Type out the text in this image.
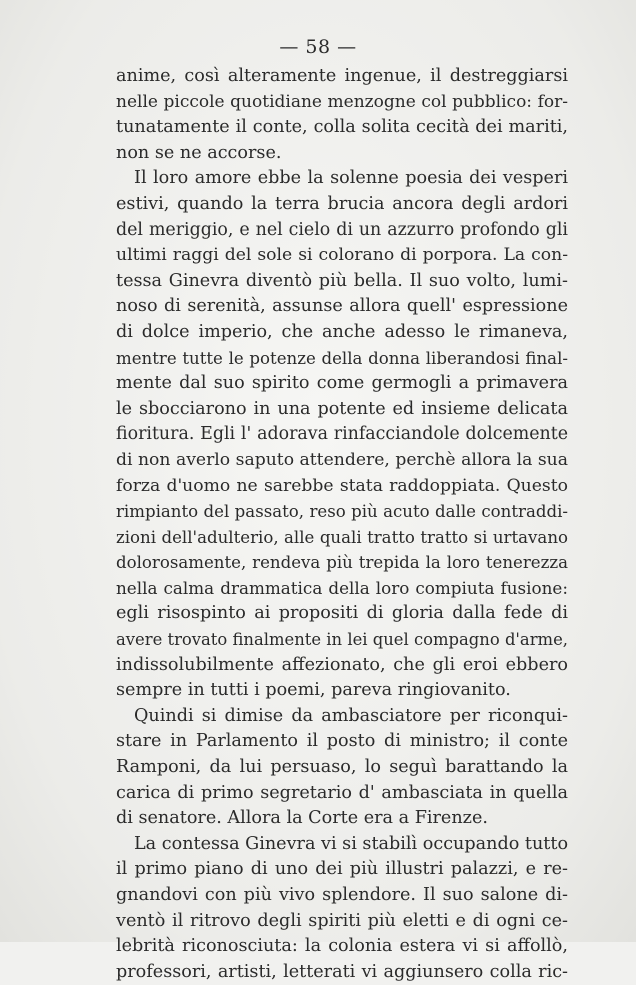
— 58 —
anime, così alteramente ingenue, il destreggiarsi
nelle piccole quotidiane menzogne col pubblico: for-
tunatamente il conte, colla solita cecità dei mariti,
non se ne accorse.
Il loro amore ebbe la solenne poesia dei vesperi
estivi, quando la terra brucia ancora degli ardori
del meriggio, e nel cielo di un azzurro profondo gli
ultimi raggi del sole si colorano di porpora. La con-
tessa Ginevra diventò più bella. Il suo volto, lumi-
noso di serenità, assunse allora quell' espressione
di dolce imperio, che anche adesso le rimaneva,
mentre tutte le potenze della donna liberandosi final-
mente dal suo spirito come germogli a primavera
le sbocciarono in una potente ed insieme delicata
fioritura. Egli l' adorava rinfacciandole dolcemente
di non averlo saputo attendere, perchè allora la sua
forza d'uomo ne sarebbe stata raddoppiata. Questo
rimpianto del passato, reso più acuto dalle contraddi-
zioni dell'adulterio, alle quali tratto tratto si urtavano
dolorosamente, rendeva più trepida la loro tenerezza
nella calma drammatica della loro compiuta fusione:
egli risospinto ai propositi di gloria dalla fede di
avere trovato finalmente in lei quel compagno d'arme,
indissolubilmente affezionato, che gli eroi ebbero
sempre in tutti i poemi, pareva ringiovanito.
Quindi si dimise da ambasciatore per riconqui-
stare in Parlamento il posto di ministro; il conte
Ramponi, da lui persuaso, lo seguì barattando la
carica di primo segretario d' ambasciata in quella
di senatore. Allora la Corte era a Firenze.
La contessa Ginevra vi si stabilì occupando tutto
il primo piano di uno dei più illustri palazzi, e re-
gnandovi con più vivo splendore. Il suo salone di-
ventò il ritrovo degli spiriti più eletti e di ogni ce-
lebrità riconosciuta: la colonia estera vi si affollò,
professori, artisti, letterati vi aggiunsero colla ric-
